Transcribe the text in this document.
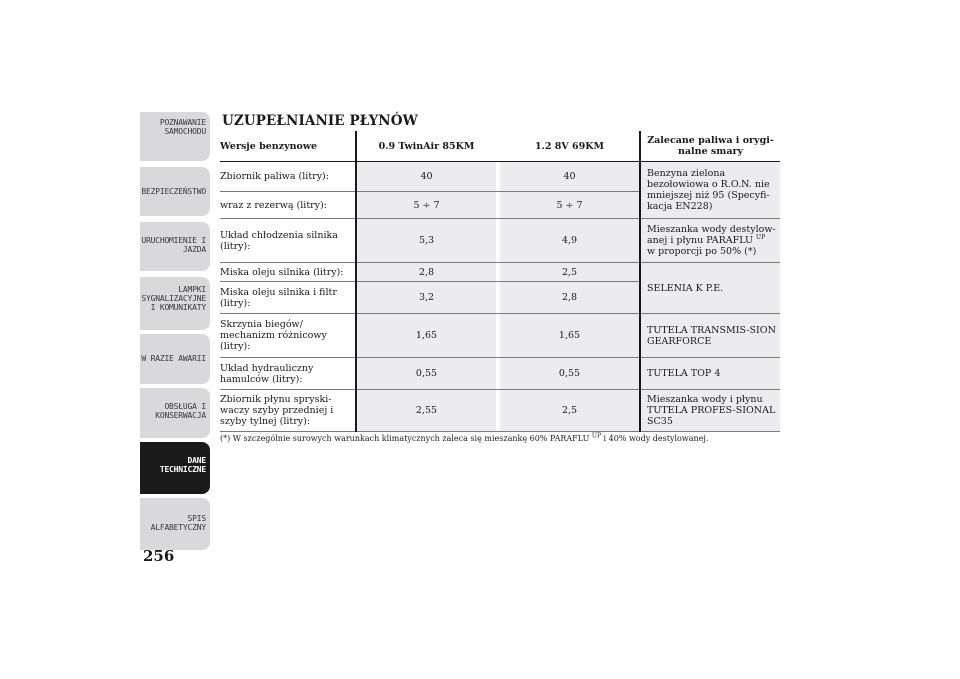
POZNAWANIE
SAMOCHODU
BEZPIECZEŃSTWO
URUCHOMIENIE I
JAZDA
LAMPKI
SYGNALIZACYJNE
I KOMUNIKATY
W RAZIE AWARII
OBSŁUGA I
KONSERWACJA
DANE
TECHNICZNE
SPIS
ALFABETYCZNY
256
UZUPEŁNIANIE PŁYNÓW
Wersje benzynowe		0.9 TwinAir 85KM		1.2 8V 69KM		Zalecane paliwa i orygi-nalne smary
Zbiornik paliwa (litry):		40		40		Benzyna zielona bezołowiowa o R.O.N. nie mniejszej niż 95 (Specyfi-kacja EN228)
wraz z rezerwą (litry):		5 ÷ 7		5 ÷ 7		
Układ chłodzenia silnika (litry):		5,3		4,9		Mieszanka wody destylow-anej i płynu PARAFLU $^{UP}$
w proporcji po 50% (*)
Miska oleju silnika (litry):		2,8		2,5		SELENIA K P.E.
Miska oleju silnika i filtr (litry):		3,2		2,8		
Skrzynia biegów/ mechanizm różnicowy (litry):		1,65		1,65		TUTELA TRANSMIS-SION GEARFORCE
Układ hydrauliczny hamulców (litry):		0,55		0,55		TUTELA TOP 4
Zbiornik płynu spryski-waczy szyby przedniej i szyby tylnej (litry):		2,55		2,5		Mieszanka wody i płynu TUTELA PROFES-SIONAL SC35
(*) W szczególnie surowych warunkach klimatycznych zaleca się mieszankę 60% PARAFLU $^{UP}$ i 40% wody destylowanej.
